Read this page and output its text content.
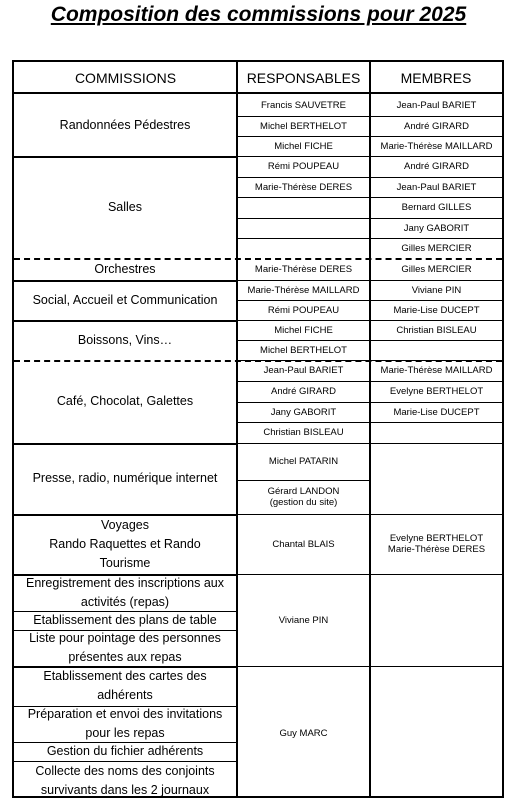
Composition des commissions pour 2025
COMMISSIONS	RESPONSABLES	MEMBRES
Randonnées Pédestres
Salles
Orchestres
Social, Accueil et Communication
Boissons, Vins…
Café, Chocolat, Galettes
Presse, radio, numérique internet
Voyages
Rando Raquettes et Rando
Tourisme
Enregistrement des inscriptions aux activités (repas)
Etablissement des plans de table
Liste pour pointage des personnes présentes aux repas
Etablissement des cartes des adhérents
Préparation et envoi des invitations pour les repas
Gestion du fichier adhérents
Collecte des noms des conjoints survivants dans les 2 journaux
Francis SAUVETRE
Michel BERTHELOT
Michel FICHE
Rémi POUPEAU
Marie-Thérèse DERES
Marie-Thérèse DERES
Marie-Thérèse MAILLARD
Rémi POUPEAU
Michel FICHE
Michel BERTHELOT
Jean-Paul BARIET
André GIRARD
Jany GABORIT
Christian BISLEAU
Michel PATARIN
Gérard LANDON
(gestion du site)
Chantal BLAIS
Viviane PIN
Guy MARC
Jean-Paul BARIET
André GIRARD
Marie-Thérèse MAILLARD
André GIRARD
Jean-Paul BARIET
Bernard GILLES
Jany GABORIT
Gilles MERCIER
Gilles MERCIER
Viviane PIN
Marie-Lise DUCEPT
Christian BISLEAU
Marie-Thérèse MAILLARD
Evelyne BERTHELOT
Marie-Lise DUCEPT
Evelyne BERTHELOT
Marie-Thérèse DERES
